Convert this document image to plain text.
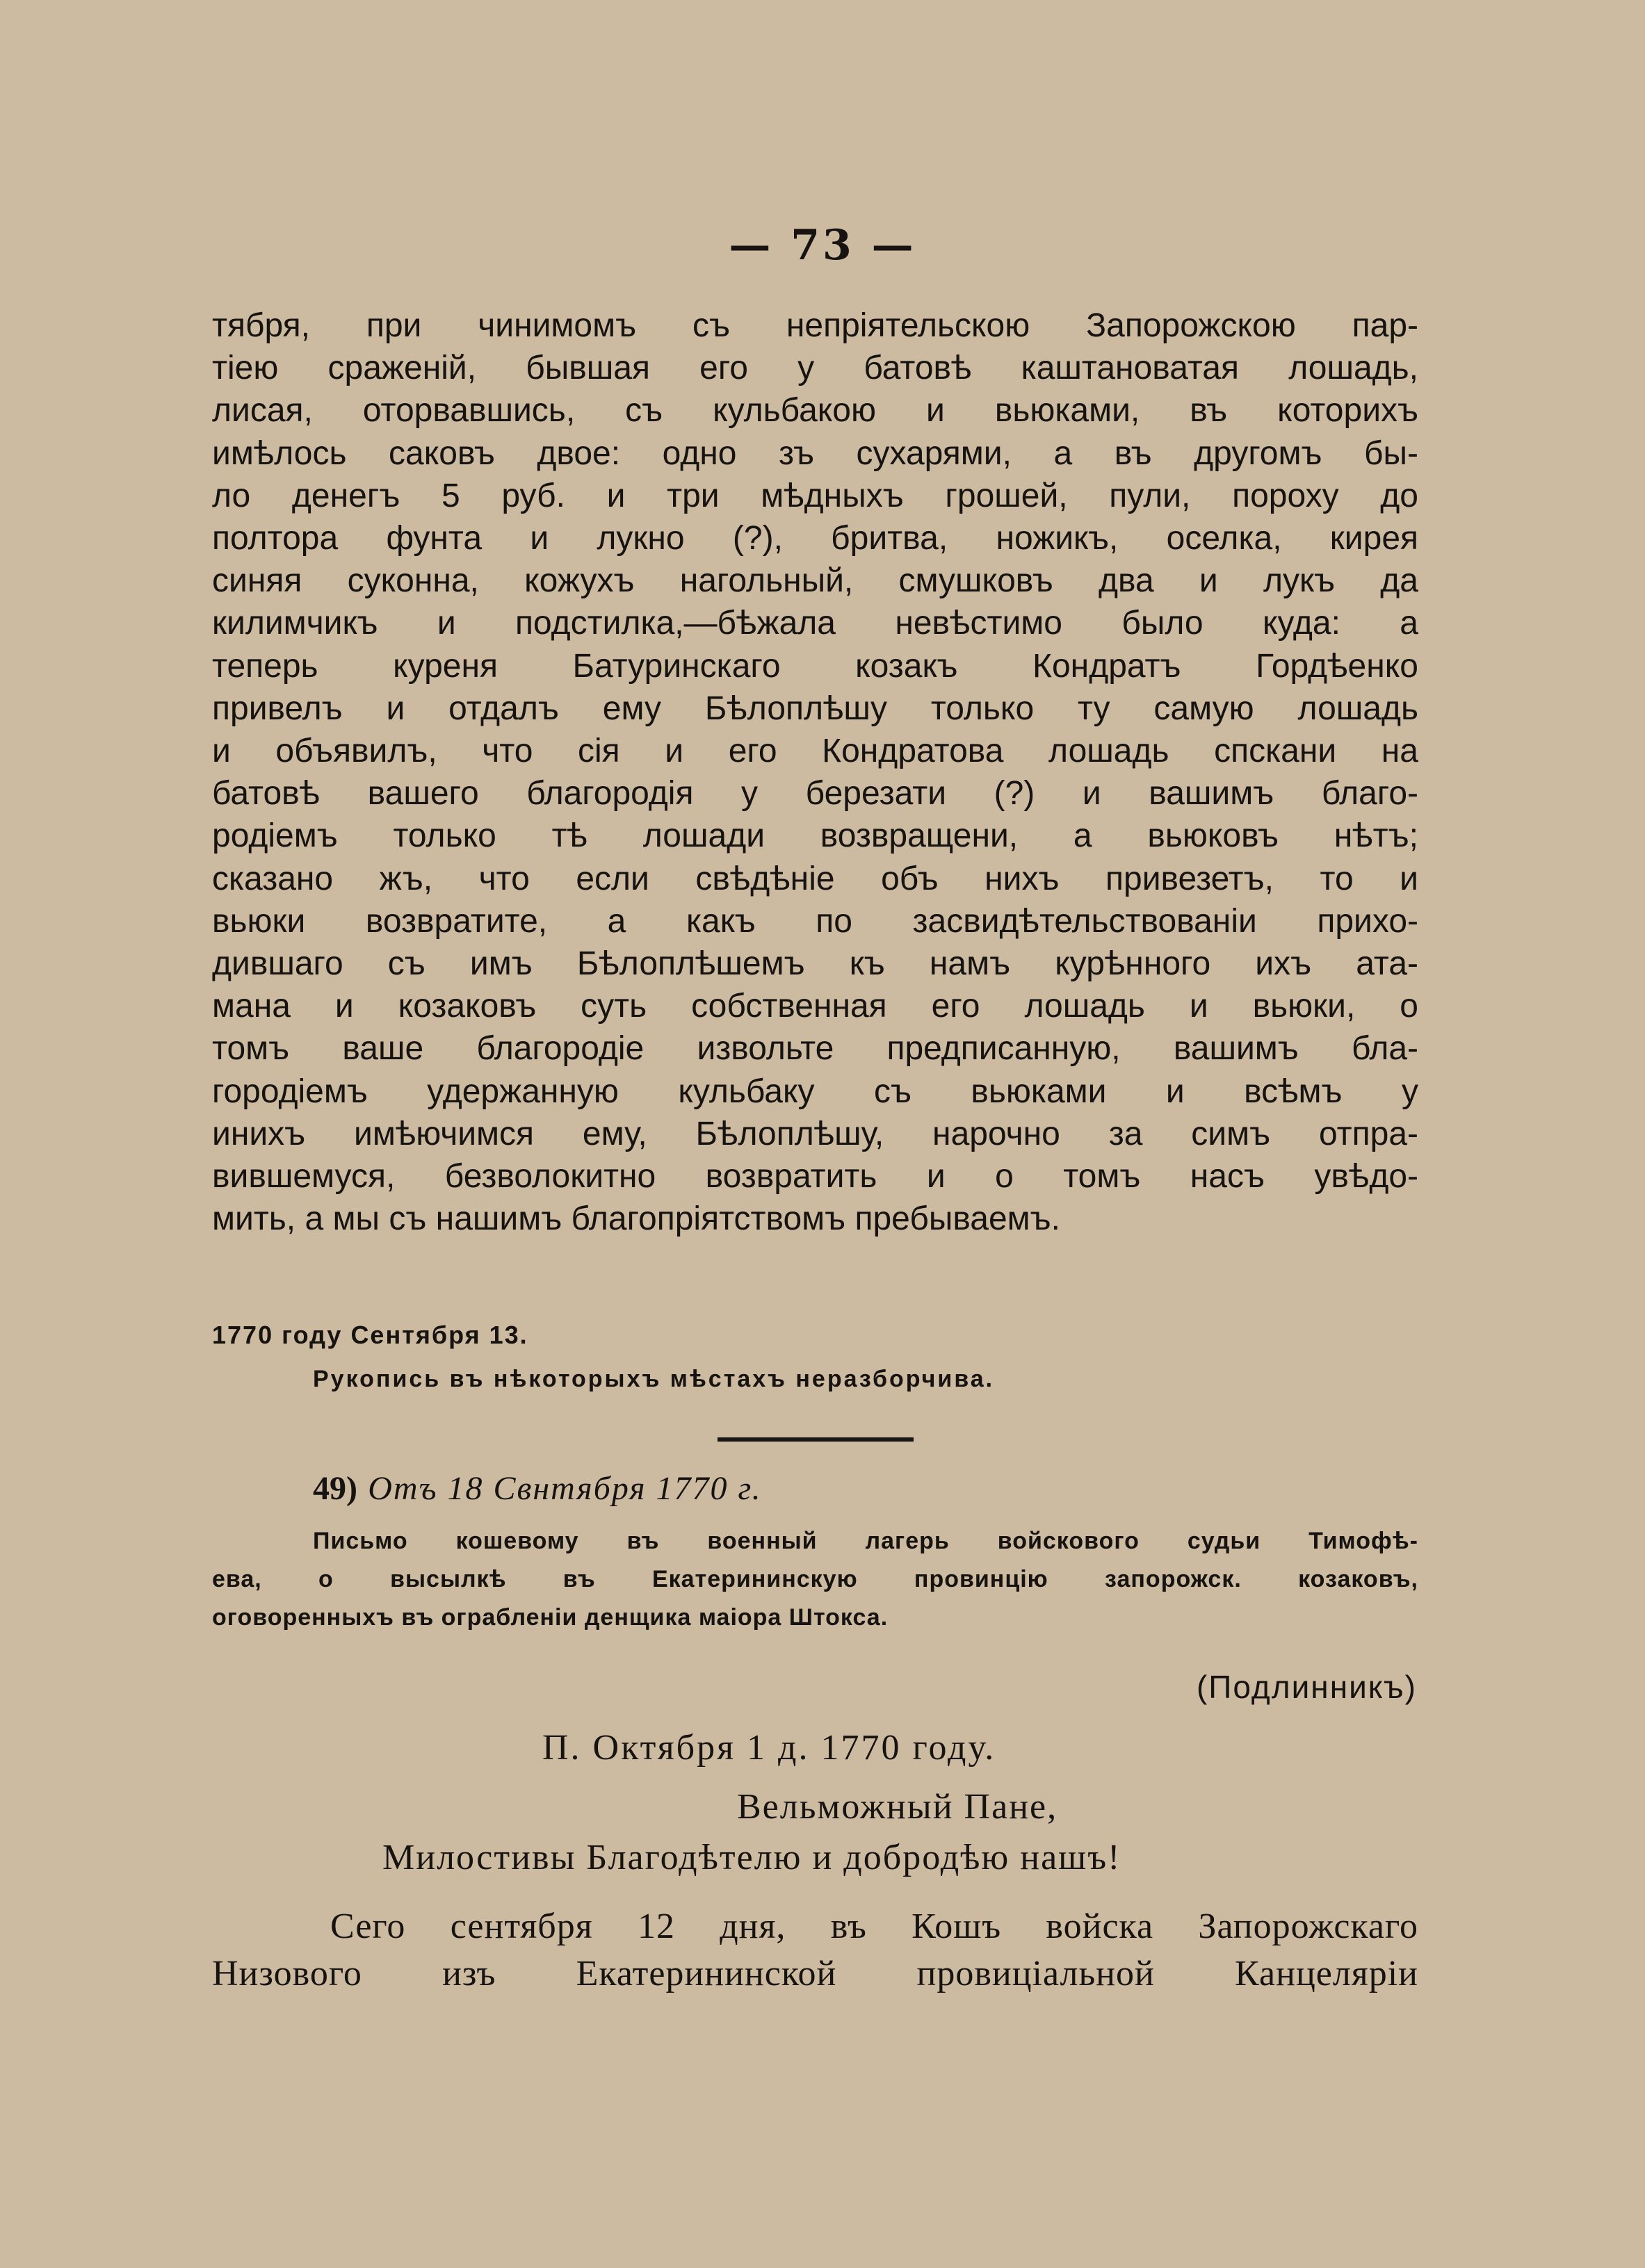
— 73 —
тября, при чинимомъ съ непріятельскою Запорожскою пар-
тіею сраженій, бывшая его у батовѣ каштановатая лошадь,
лисая, оторвавшись, съ кульбакою и вьюками, въ которихъ
имѣлось саковъ двое: одно зъ сухарями, а въ другомъ бы-
ло денегъ 5 руб. и три мѣдныхъ грошей, пули, пороху до
полтора фунта и лукно (?), бритва, ножикъ, оселка, кирея
синяя суконна, кожухъ нагольный, смушковъ два и лукъ да
килимчикъ и подстилка,—бѣжала невѣстимо было куда: а
теперь куреня Батуринскаго козакъ Кондратъ Гордѣенко
привелъ и отдалъ ему Бѣлоплѣшу только ту самую лошадь
и объявилъ, что сія и его Кондратова лошадь спскани на
батовѣ вашего благородія у березати (?) и вашимъ благо-
родіемъ только тѣ лошади возвращени, а вьюковъ нѣтъ;
сказано жъ, что если свѣдѣніе объ нихъ привезетъ, то и
вьюки возвратите, а какъ по засвидѣтельствованіи прихо-
дившаго съ имъ Бѣлоплѣшемъ къ намъ курѣнного ихъ ата-
мана и козаковъ суть собственная его лошадь и вьюки, о
томъ ваше благородіе извольте предписанную, вашимъ бла-
городіемъ удержанную кульбаку съ вьюками и всѣмъ у
инихъ имѣючимся ему, Бѣлоплѣшу, нарочно за симъ отпра-
вившемуся, безволокитно возвратить и о томъ насъ увѣдо-
мить, а мы съ нашимъ благопріятствомъ пребываемъ.
1770 году Сентября 13.
Рукопись въ нѣкоторыхъ мѣстахъ неразборчива.
49) Отъ 18 Свнтября 1770 г.
Письмо кошевому въ военный лагерь войскового судьи Тимофѣ-
ева, о высылкѣ въ Екатерининскую провинцію запорожск. козаковъ,
оговоренныхъ въ ограбленіи денщика маіора Штокса.
(Подлинникъ)
П. Октября 1 д. 1770 году.
Вельможный Пане,
Милостивы Благодѣтелю и добродѣю нашъ!
Сего сентября 12 дня, въ Кошъ войска Запорожскаго
Низового изъ Екатерининской провиціальной Канцеляріи
